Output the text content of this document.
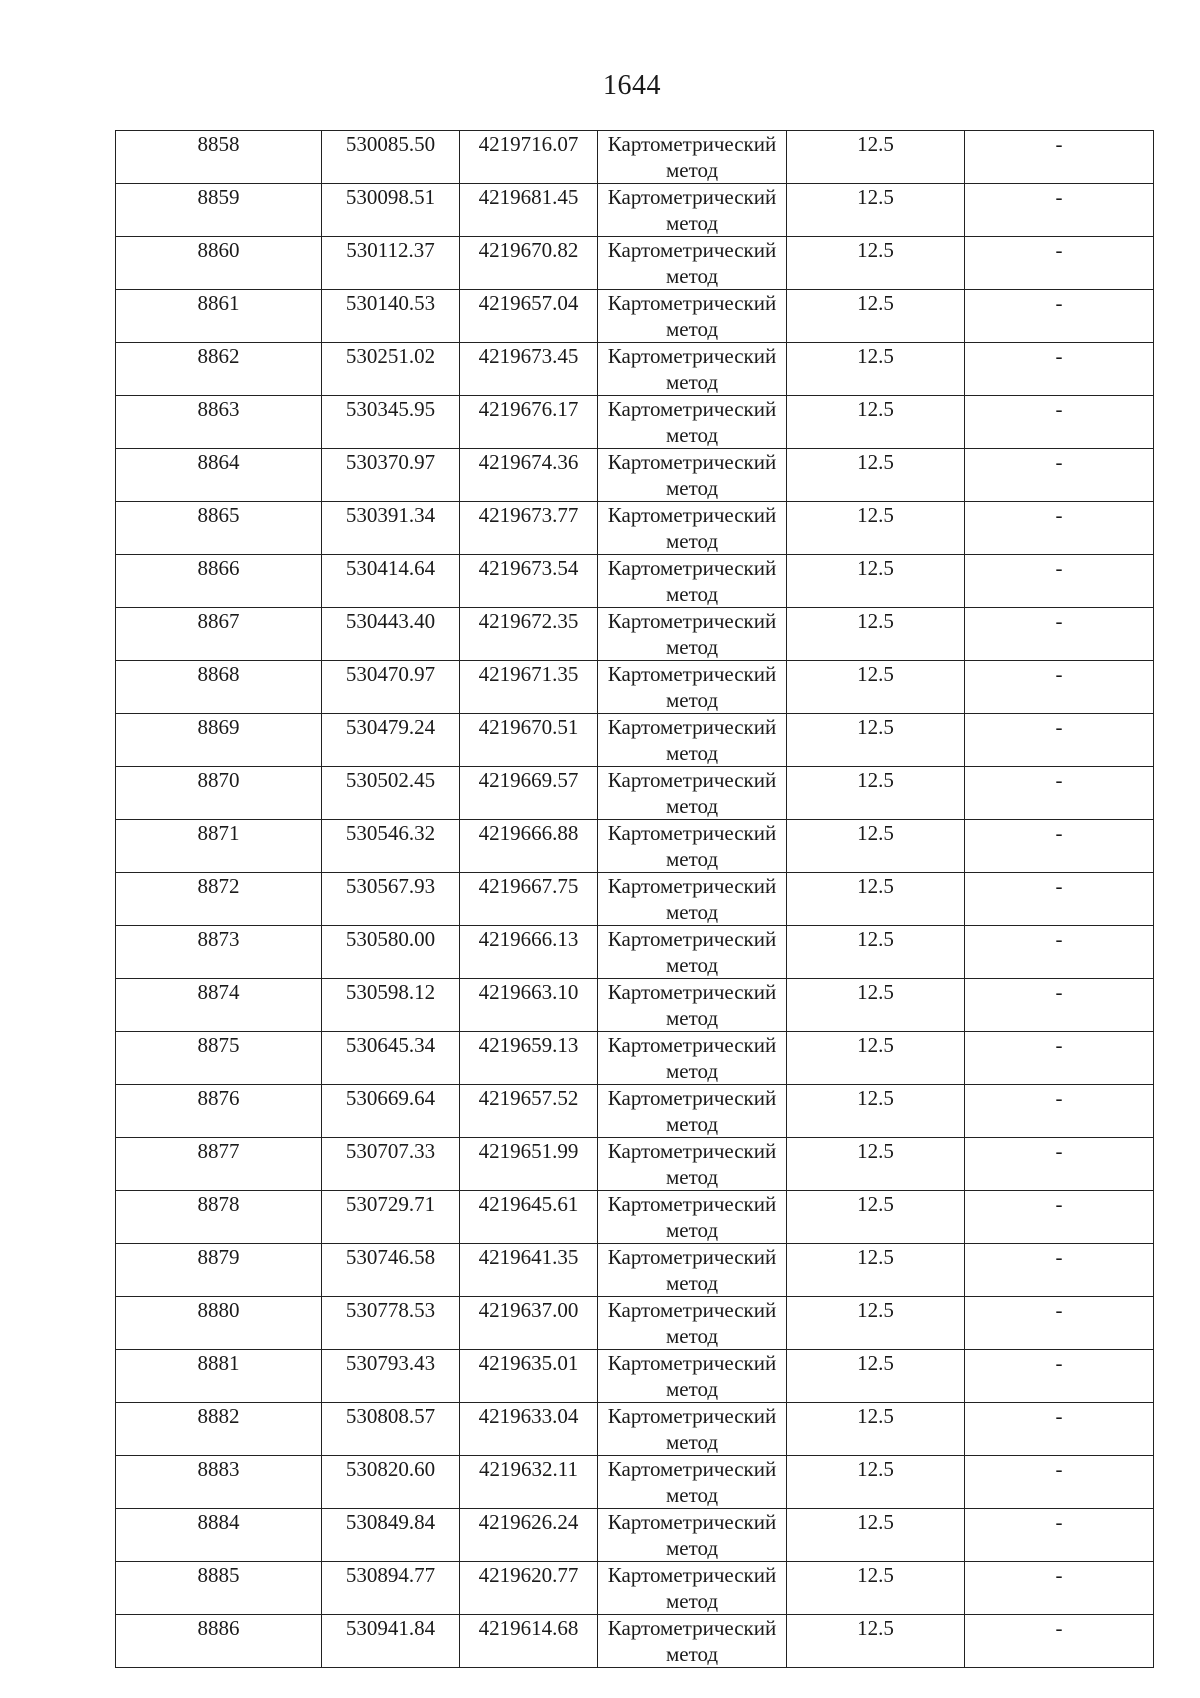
1644
8858	530085.50	4219716.07	Картометрический
метод	12.5	-

8859	530098.51	4219681.45	Картометрический
метод	12.5	-

8860	530112.37	4219670.82	Картометрический
метод	12.5	-

8861	530140.53	4219657.04	Картометрический
метод	12.5	-

8862	530251.02	4219673.45	Картометрический
метод	12.5	-

8863	530345.95	4219676.17	Картометрический
метод	12.5	-

8864	530370.97	4219674.36	Картометрический
метод	12.5	-

8865	530391.34	4219673.77	Картометрический
метод	12.5	-

8866	530414.64	4219673.54	Картометрический
метод	12.5	-

8867	530443.40	4219672.35	Картометрический
метод	12.5	-

8868	530470.97	4219671.35	Картометрический
метод	12.5	-

8869	530479.24	4219670.51	Картометрический
метод	12.5	-

8870	530502.45	4219669.57	Картометрический
метод	12.5	-

8871	530546.32	4219666.88	Картометрический
метод	12.5	-

8872	530567.93	4219667.75	Картометрический
метод	12.5	-

8873	530580.00	4219666.13	Картометрический
метод	12.5	-

8874	530598.12	4219663.10	Картометрический
метод	12.5	-

8875	530645.34	4219659.13	Картометрический
метод	12.5	-

8876	530669.64	4219657.52	Картометрический
метод	12.5	-

8877	530707.33	4219651.99	Картометрический
метод	12.5	-

8878	530729.71	4219645.61	Картометрический
метод	12.5	-

8879	530746.58	4219641.35	Картометрический
метод	12.5	-

8880	530778.53	4219637.00	Картометрический
метод	12.5	-

8881	530793.43	4219635.01	Картометрический
метод	12.5	-

8882	530808.57	4219633.04	Картометрический
метод	12.5	-

8883	530820.60	4219632.11	Картометрический
метод	12.5	-

8884	530849.84	4219626.24	Картометрический
метод	12.5	-

8885	530894.77	4219620.77	Картометрический
метод	12.5	-

8886	530941.84	4219614.68	Картометрический
метод	12.5	-
